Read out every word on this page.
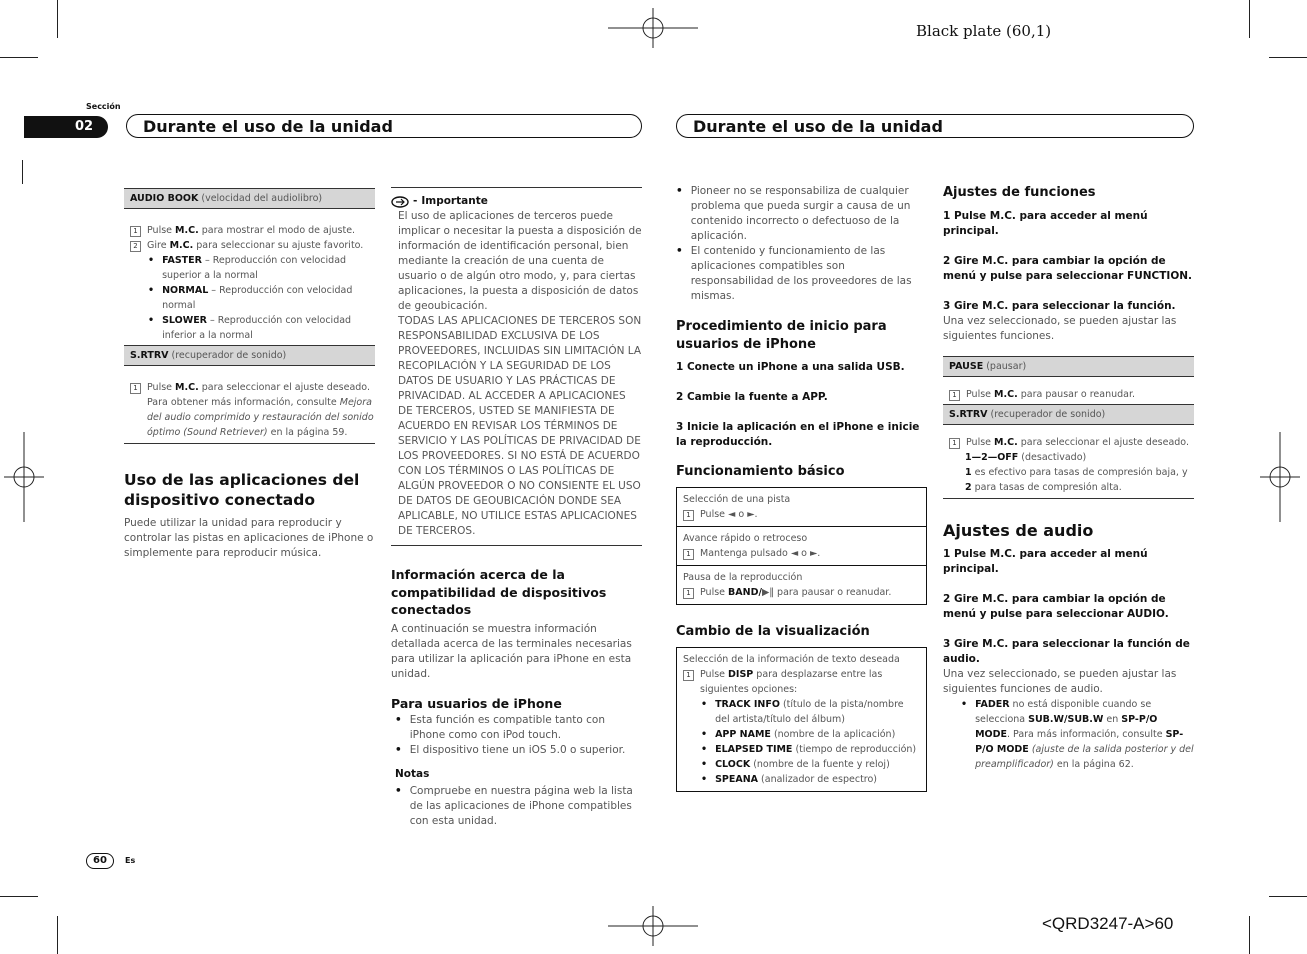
Black plate (60,1)
<QRD3247-A>60
Sección
02	Durante el uso de la unidad	Durante el uso de la unidad
AUDIO BOOK (velocidad del audiolibro)
1 Pulse M.C. para mostrar el modo de ajuste.
2 Gire M.C. para seleccionar su ajuste favorito.
• FASTER – Reproducción con velocidad superior a la normal
• NORMAL – Reproducción con velocidad normal
• SLOWER – Reproducción con velocidad inferior a la normal
S.RTRV (recuperador de sonido)
1 Pulse M.C. para seleccionar el ajuste deseado. Para obtener más información, consulte Mejora del audio comprimido y restauración del sonido óptimo (Sound Retriever) en la página 59.
Uso de las aplicaciones del dispositivo conectado

Puede utilizar la unidad para reproducir y controlar las pistas en aplicaciones de iPhone o simplemente para reproducir música.

- Importante

El uso de aplicaciones de terceros puede implicar o necesitar la puesta a disposición de información de identificación personal, bien mediante la creación de una cuenta de usuario o de algún otro modo, y, para ciertas aplicaciones, la puesta a disposición de datos de geoubicación.

TODAS LAS APLICACIONES DE TERCEROS SON RESPONSABILIDAD EXCLUSIVA DE LOS PROVEEDORES, INCLUIDAS SIN LIMITACIÓN LA RECOPILACIÓN Y LA SEGURIDAD DE LOS DATOS DE USUARIO Y LAS PRÁCTICAS DE PRIVACIDAD. AL ACCEDER A APLICACIONES DE TERCEROS, USTED SE MANIFIESTA DE ACUERDO EN REVISAR LOS TÉRMINOS DE SERVICIO Y LAS POLÍTICAS DE PRIVACIDAD DE LOS PROVEEDORES. SI NO ESTÁ DE ACUERDO CON LOS TÉRMINOS O LAS POLÍTICAS DE ALGÚN PROVEEDOR O NO CONSIENTE EL USO DE DATOS DE GEOUBICACIÓN DONDE SEA APLICABLE, NO UTILICE ESTAS APLICACIONES DE TERCEROS.

Información acerca de la compatibilidad de dispositivos conectados

A continuación se muestra información detallada acerca de las terminales necesarias para utilizar la aplicación para iPhone en esta unidad.

Para usuarios de iPhone
• Esta función es compatible tanto con iPhone como con iPod touch.
• El dispositivo tiene un iOS 5.0 o superior.
Notas
• Compruebe en nuestra página web la lista de las aplicaciones de iPhone compatibles con esta unidad.
• Pioneer no se responsabiliza de cualquier problema que pueda surgir a causa de un contenido incorrecto o defectuoso de la aplicación.
• El contenido y funcionamiento de las aplicaciones compatibles son responsabilidad de los proveedores de las mismas.
Procedimiento de inicio para usuarios de iPhone
1 Conecte un iPhone a una salida USB.
2 Cambie la fuente a APP.
3 Inicie la aplicación en el iPhone e inicie la reproducción.
Funcionamiento básico
Selección de una pista
1 Pulse ◄ o ►.
Avance rápido o retroceso
1 Mantenga pulsado ◄ o ►.
Pausa de la reproducción
1 Pulse BAND/▶‖ para pausar o reanudar.
Cambio de la visualización
Selección de la información de texto deseada
1 Pulse DISP para desplazarse entre las siguientes opciones:
• TRACK INFO (título de la pista/nombre del artista/título del álbum)
• APP NAME (nombre de la aplicación)
• ELAPSED TIME (tiempo de reproducción)
• CLOCK (nombre de la fuente y reloj)
• SPEANA (analizador de espectro)
Ajustes de funciones
1 Pulse M.C. para acceder al menú principal.
2 Gire M.C. para cambiar la opción de menú y pulse para seleccionar FUNCTION.
3 Gire M.C. para seleccionar la función.

Una vez seleccionado, se pueden ajustar las siguientes funciones.

PAUSE (pausar)
1 Pulse M.C. para pausar o reanudar.
S.RTRV (recuperador de sonido)
1 Pulse M.C. para seleccionar el ajuste deseado.
1—2—OFF (desactivado)
1 es efectivo para tasas de compresión baja, y
2 para tasas de compresión alta.
Ajustes de audio
1 Pulse M.C. para acceder al menú principal.
2 Gire M.C. para cambiar la opción de menú y pulse para seleccionar AUDIO.
3 Gire M.C. para seleccionar la función de audio.

Una vez seleccionado, se pueden ajustar las siguientes funciones de audio.

• FADER no está disponible cuando se selecciona SUB.W/SUB.W en SP-P/O MODE. Para más información, consulte SP-P/O MODE (ajuste de la salida posterior y del preamplificador) en la página 62.
60	Es
